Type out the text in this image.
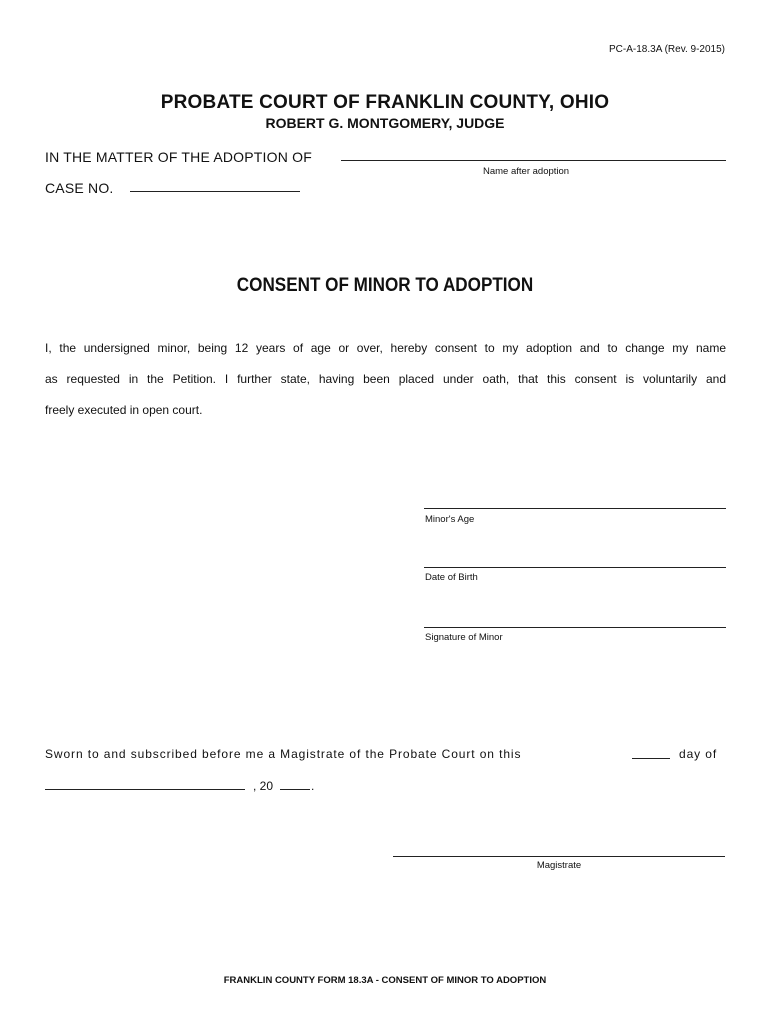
PC-A-18.3A (Rev. 9-2015)
PROBATE COURT OF FRANKLIN COUNTY, OHIO
ROBERT G. MONTGOMERY, JUDGE
IN THE MATTER OF THE ADOPTION OF
Name after adoption
CASE NO.
CONSENT OF MINOR TO ADOPTION
I, the undersigned minor, being 12 years of age or over, hereby consent to my adoption and to change my name
as requested in the Petition. I further state, having been placed under oath, that this consent is voluntarily and
freely executed in open court.
Minor's Age
Date of Birth
Signature of Minor
Sworn to and subscribed before me a Magistrate of the Probate Court on this	day of
, 20	.
Magistrate
FRANKLIN COUNTY FORM 18.3A - CONSENT OF MINOR TO ADOPTION
